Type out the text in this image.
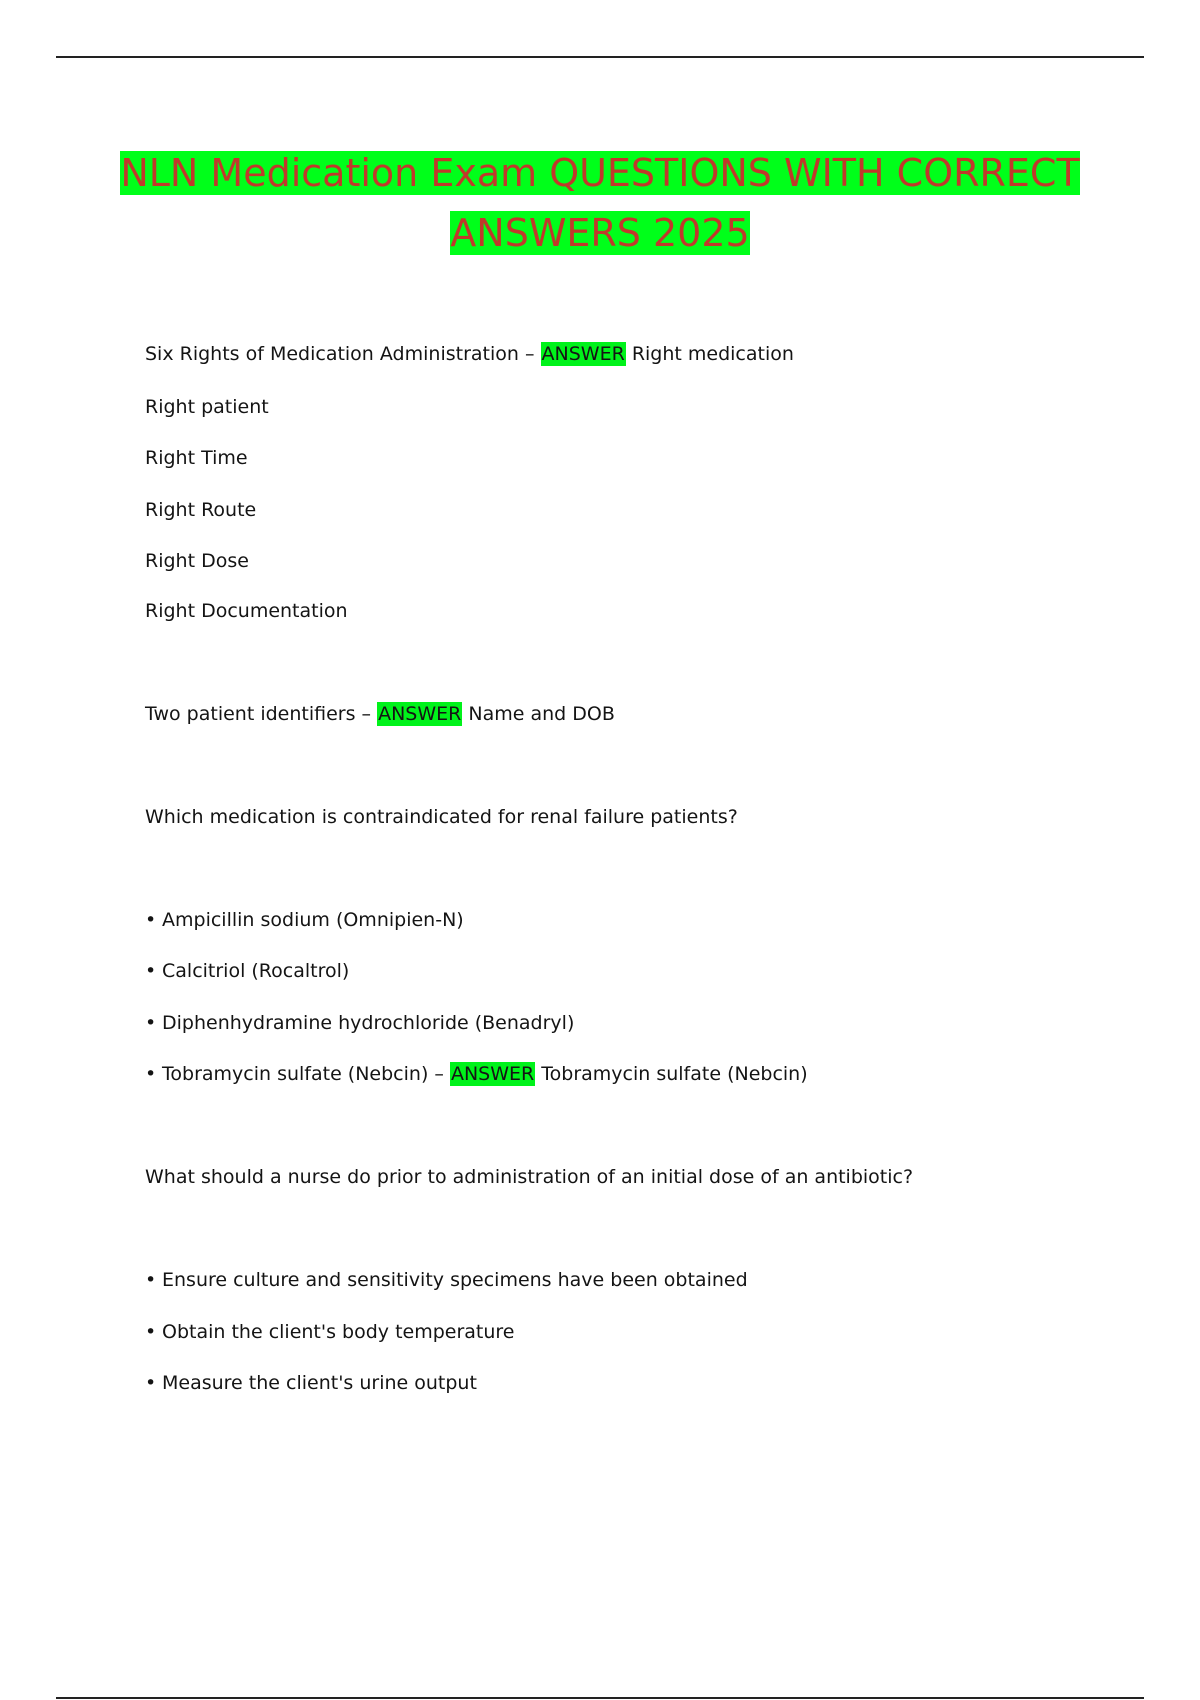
NLN Medication Exam QUESTIONS WITH CORRECT
ANSWERS 2025
Six Rights of Medication Administration – ANSWER Right medication
Right patient
Right Time
Right Route
Right Dose
Right Documentation
Two patient identifiers – ANSWER Name and DOB
Which medication is contraindicated for renal failure patients?
• Ampicillin sodium (Omnipien-N)
• Calcitriol (Rocaltrol)
• Diphenhydramine hydrochloride (Benadryl)
• Tobramycin sulfate (Nebcin) – ANSWER Tobramycin sulfate (Nebcin)
What should a nurse do prior to administration of an initial dose of an antibiotic?
• Ensure culture and sensitivity specimens have been obtained
• Obtain the client's body temperature
• Measure the client's urine output
